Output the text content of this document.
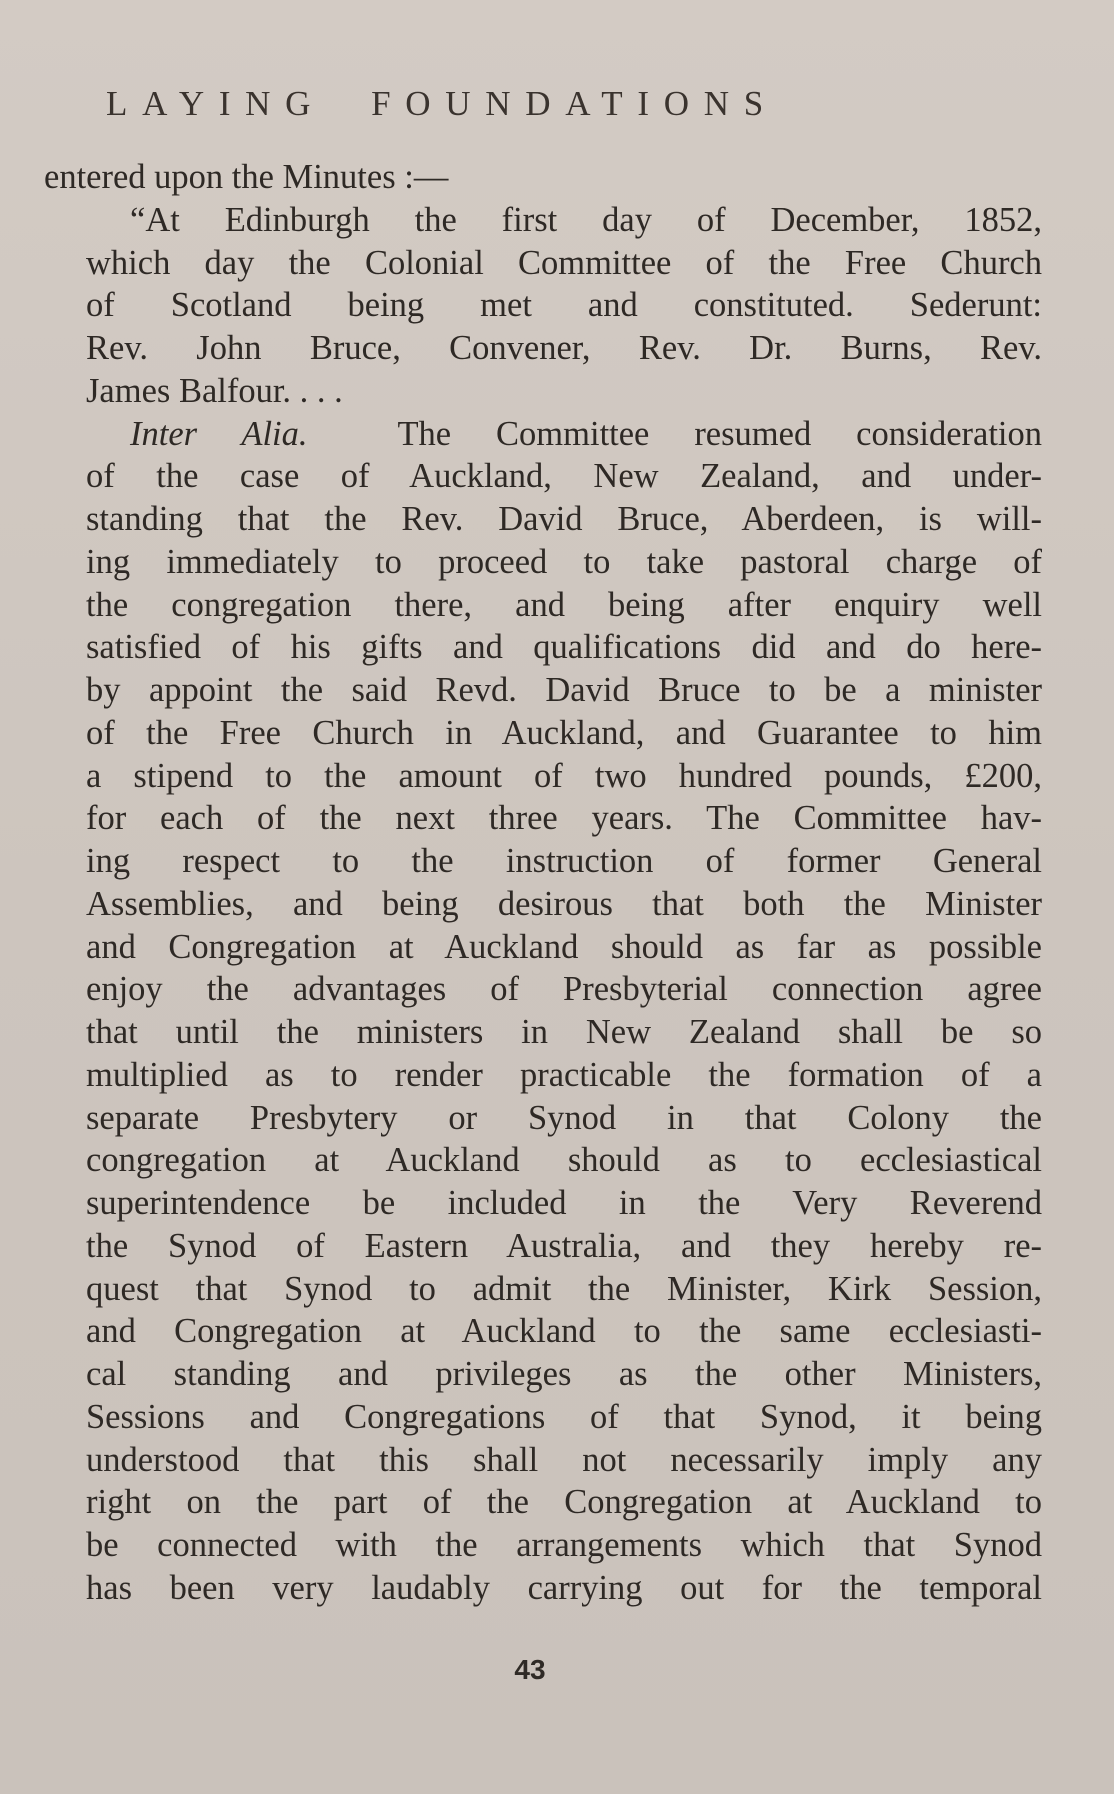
LAYING FOUNDATIONS
entered upon the Minutes :—
“At Edinburgh the first day of December, 1852,
which day the Colonial Committee of the Free Church
of Scotland being met and constituted. Sederunt:
Rev. John Bruce, Convener, Rev. Dr. Burns, Rev.
James Balfour. . . .
Inter Alia.	The Committee resumed consideration
of the case of Auckland, New Zealand, and under-
standing that the Rev. David Bruce, Aberdeen, is will-
ing immediately to proceed to take pastoral charge of
the congregation there, and being after enquiry well
satisfied of his gifts and qualifications did and do here-
by appoint the said Revd. David Bruce to be a minister
of the Free Church in Auckland, and Guarantee to him
a stipend to the amount of two hundred pounds, £200,
for each of the next three years. The Committee hav-
ing respect to the instruction of former General
Assemblies, and being desirous that both the Minister
and Congregation at Auckland should as far as possible
enjoy the advantages of Presbyterial connection agree
that until the ministers in New Zealand shall be so
multiplied as to render practicable the formation of a
separate Presbytery or Synod in that Colony the
congregation at Auckland should as to ecclesiastical
superintendence be included in the Very Reverend
the Synod of Eastern Australia, and they hereby re-
quest that Synod to admit the Minister, Kirk Session,
and Congregation at Auckland to the same ecclesiasti-
cal standing and privileges as the other Ministers,
Sessions and Congregations of that Synod, it being
understood that this shall not necessarily imply any
right on the part of the Congregation at Auckland to
be connected with the arrangements which that Synod
has been very laudably carrying out for the temporal
43
